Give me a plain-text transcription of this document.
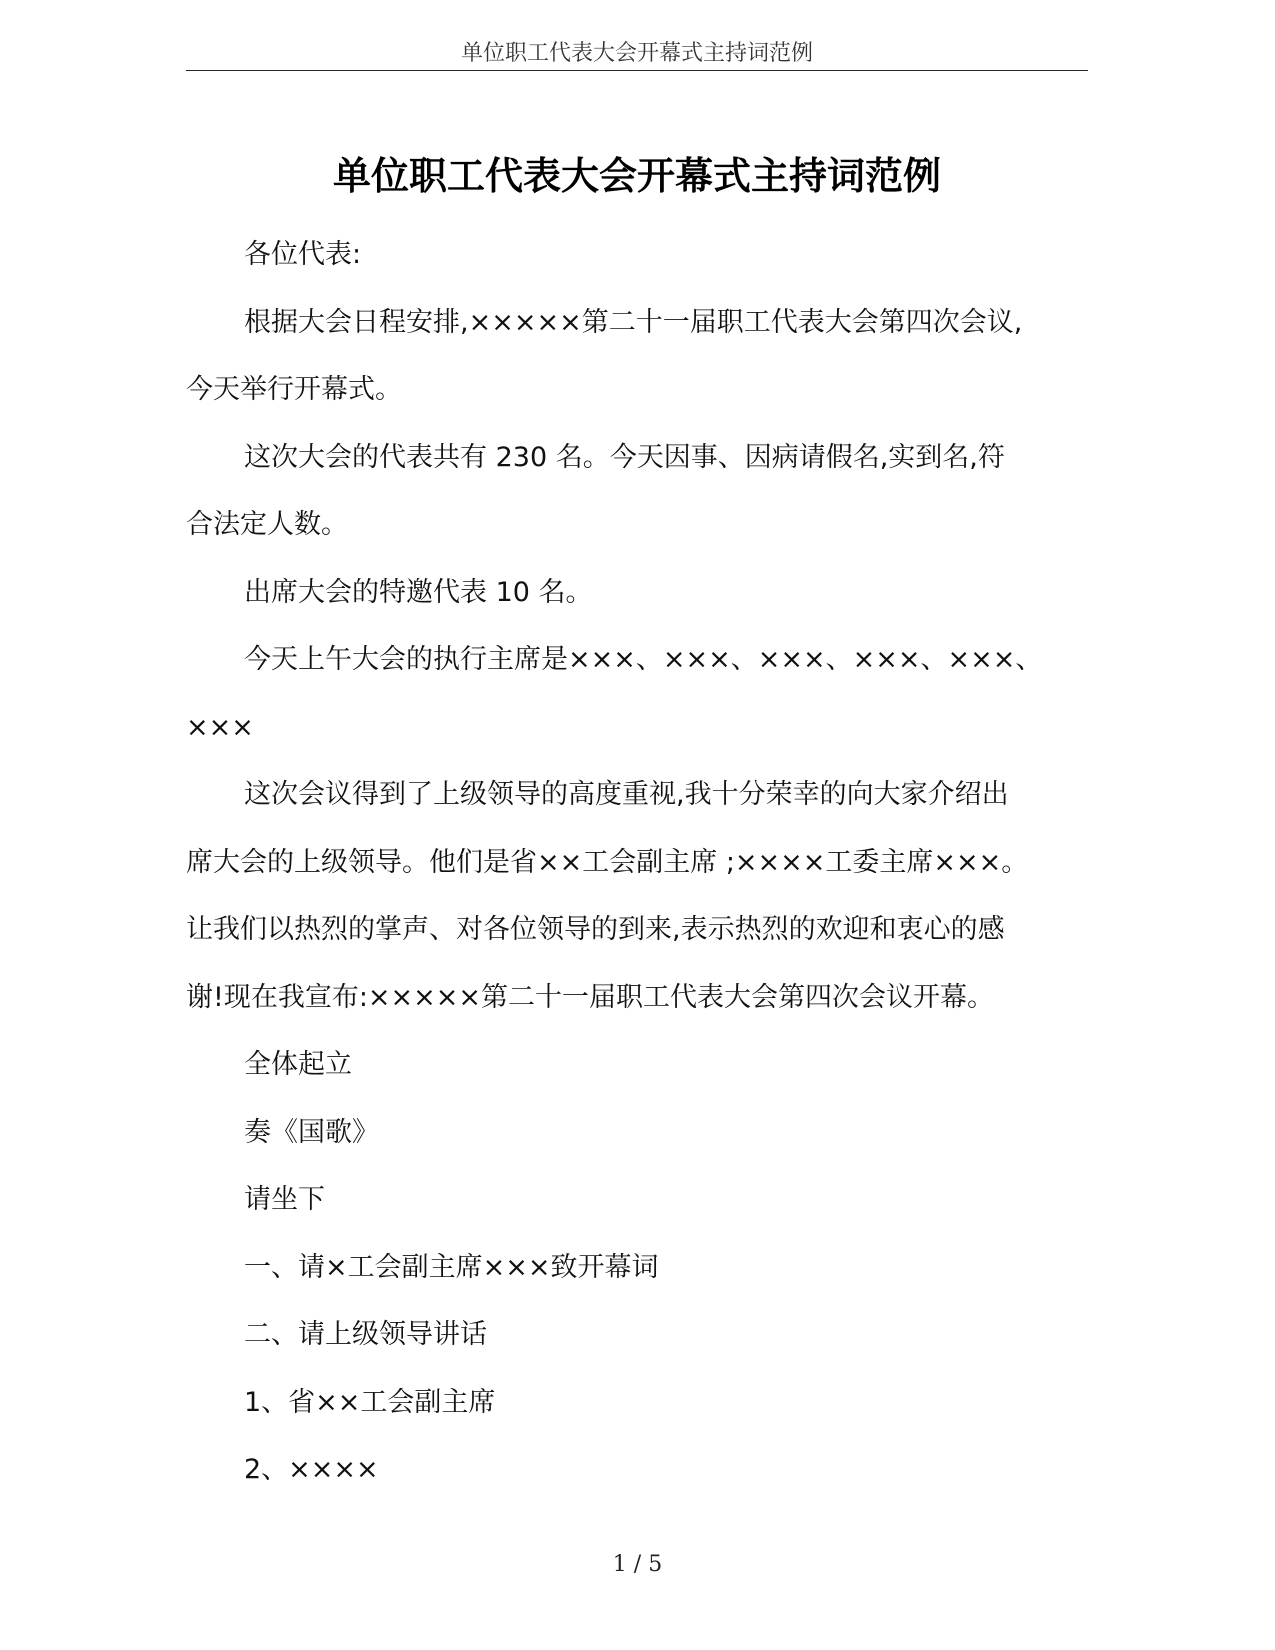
单位职工代表大会开幕式主持词范例
单位职工代表大会开幕式主持词范例

各位代表:

根据大会日程安排,×××××第二十一届职工代表大会第四次会议,
今天举行开幕式。

这次大会的代表共有 230 名。今天因事、因病请假名,实到名,符
合法定人数。

出席大会的特邀代表 10 名。

今天上午大会的执行主席是×××、×××、×××、×××、×××、
×××

这次会议得到了上级领导的高度重视,我十分荣幸的向大家介绍出
席大会的上级领导。他们是省××工会副主席 ;××××工委主席×××。
让我们以热烈的掌声、对各位领导的到来,表示热烈的欢迎和衷心的感
谢!现在我宣布:×××××第二十一届职工代表大会第四次会议开幕。

全体起立

奏《国歌》

请坐下

一、请×工会副主席×××致开幕词

二、请上级领导讲话

1、省××工会副主席

2、××××

1 / 5
